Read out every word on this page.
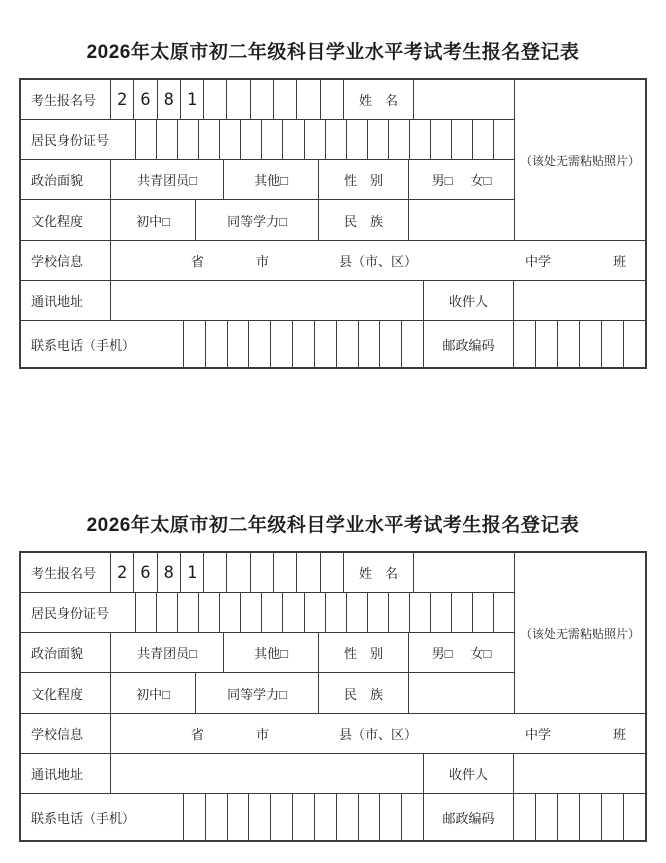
2026年太原市初二年级科目学业水平考试考生报名登记表
考生报名号	2 6 8 1	姓　名
居民身份证号
政治面貌	共青团员□	其他□	性　别	男□ 女□
文化程度	初中□	同等学力□	民　族
（该处无需粘贴照片）
学校信息	省	市	县（市、区）	中学	班
通讯地址	收件人
联系电话（手机）	邮政编码
2026年太原市初二年级科目学业水平考试考生报名登记表
考生报名号	2 6 8 1	姓　名
居民身份证号
政治面貌	共青团员□	其他□	性　别	男□ 女□
文化程度	初中□	同等学力□	民　族
（该处无需粘贴照片）
学校信息	省	市	县（市、区）	中学	班
通讯地址	收件人
联系电话（手机）	邮政编码
